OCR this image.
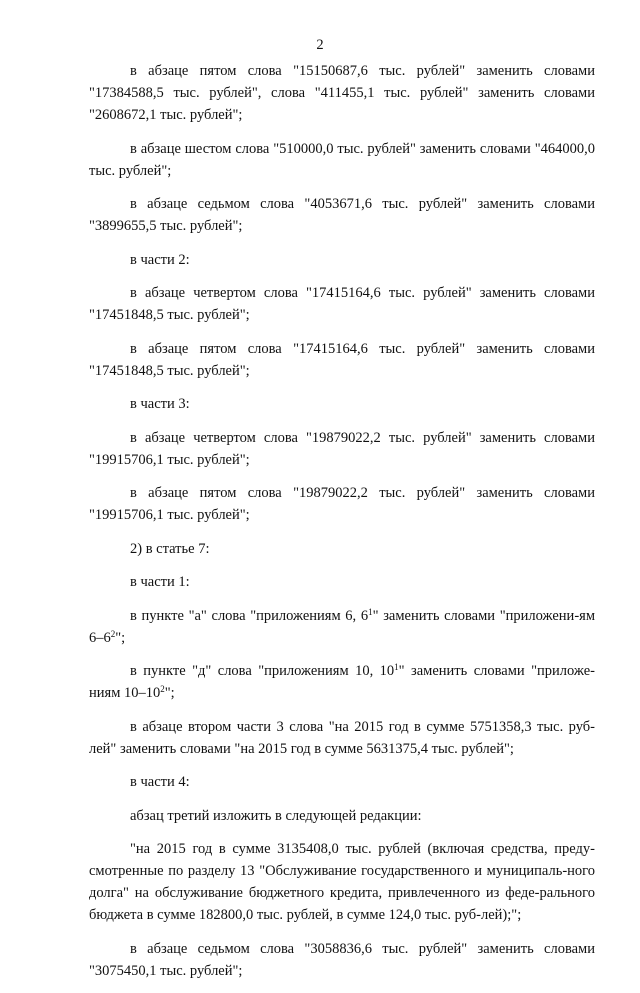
2

в абзаце пятом слова "15150687,6 тыс. рублей" заменить словами "17384588,5 тыс. рублей", слова "411455,1 тыс. рублей" заменить словами "2608672,1 тыс. рублей";

в абзаце шестом слова "510000,0 тыс. рублей" заменить словами "464000,0 тыс. рублей";

в абзаце седьмом слова "4053671,6 тыс. рублей" заменить словами "3899655,5 тыс. рублей";

в части 2:

в абзаце четвертом слова "17415164,6 тыс. рублей" заменить словами "17451848,5 тыс. рублей";

в абзаце пятом слова "17415164,6 тыс. рублей" заменить словами "17451848,5 тыс. рублей";

в части 3:

в абзаце четвертом слова "19879022,2 тыс. рублей" заменить словами "19915706,1 тыс. рублей";

в абзаце пятом слова "19879022,2 тыс. рублей" заменить словами "19915706,1 тыс. рублей";

2) в статье 7:

в части 1:

в пункте "а" слова "приложениям 6, $6^1$" заменить словами "приложени-ям $6-6^2$";

в пункте "д" слова "приложениям 10, $10^1$" заменить словами "приложе-ниям $10-10^2$";

в абзаце втором части 3 слова "на 2015 год в сумме 5751358,3 тыс. руб-лей" заменить словами "на 2015 год в сумме 5631375,4 тыс. рублей";

в части 4:

абзац третий изложить в следующей редакции:

"на 2015 год в сумме 3135408,0 тыс. рублей (включая средства, преду-смотренные по разделу 13 "Обслуживание государственного и муниципаль-ного долга" на обслуживание бюджетного кредита, привлеченного из феде-рального бюджета в сумме 182800,0 тыс. рублей, в сумме 124,0 тыс. руб-лей);";

в абзаце седьмом слова "3058836,6 тыс. рублей" заменить словами "3075450,1 тыс. рублей";
